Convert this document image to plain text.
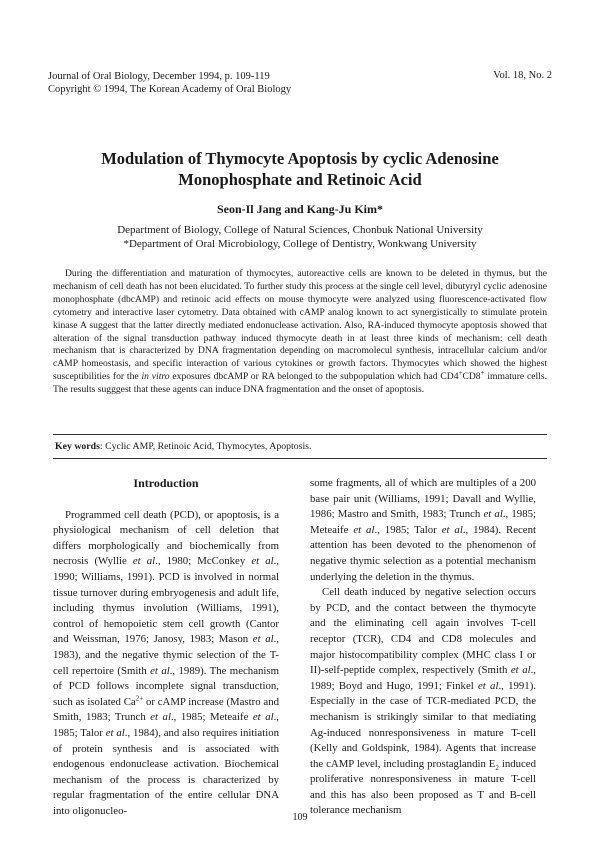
Journal of Oral Biology, December 1994, p. 109-119
Copyright © 1994, The Korean Academy of Oral Biology
Vol. 18, No. 2
Modulation of Thymocyte Apoptosis by cyclic Adenosine
Monophosphate and Retinoic Acid
Seon-Il Jang and Kang-Ju Kim*
Department of Biology, College of Natural Sciences, Chonbuk National University
*Department of Oral Microbiology, College of Dentistry, Wonkwang University

During the differentiation and maturation of thymocytes, autoreactive cells are known to be deleted in thymus, but the mechanism of cell death has not been elucidated. To further study this process at the single cell level, dibutyryl cyclic adenosine monophosphate (dbcAMP) and retinoic acid effects on mouse thymocyte were analyzed using fluorescence-activated flow cytometry and interactive laser cytometry. Data obtained with cAMP analog known to act synergistically to stimulate protein kinase A suggest that the latter directly mediated endonuclease activation. Also, RA-induced thymocyte apoptosis showed that alteration of the signal transduction pathway induced thymocyte death in at least three kinds of mechanism: cell death mechanism that is characterized by DNA fragmentation depending on macromolecul synthesis, intracellular calcium and/or cAMP homeostasis, and specific interaction of various cytokines or growth factors. Thymocytes which showed the highest susceptibilities for the in vitro exposures dbcAMP or RA belonged to the subpopulation which had CD4+CD8+ immature cells. The results sugggest that these agents can induce DNA fragmentation and the onset of apoptosis.

Key words: Cyclic AMP, Retinoic Acid, Thymocytes, Apoptosis.
Introduction

Programmed cell death (PCD), or apoptosis, is a physiological mechanism of cell deletion that differs morphologically and biochemically from necrosis (Wyllie et al., 1980; McConkey et al., 1990; Williams, 1991). PCD is involved in normal tissue turnover during embryogenesis and adult life, including thymus involution (Williams, 1991), control of hemopoietic stem cell growth (Cantor and Weissman, 1976; Janosy, 1983; Mason et al., 1983), and the negative thymic selection of the T-cell repertoire (Smith et al., 1989). The mechanism of PCD follows incomplete signal transduction, such as isolated $Ca^{2+}$ or cAMP increase (Mastro and Smith, 1983; Trunch et al., 1985; Meteaife et al., 1985; Talor et al., 1984), and also requires initiation of protein synthesis and is associated with endogenous endonuclease activation. Biochemical mechanism of the process is characterized by regular fragmentation of the entire cellular DNA into oligonucleo-

some fragments, all of which are multiples of a 200 base pair unit (Williams, 1991; Davall and Wyllie, 1986; Mastro and Smith, 1983; Trunch et al., 1985; Meteaife et al., 1985; Talor et al., 1984). Recent attention has been devoted to the phenomenon of negative thymic selection as a potential mechanism underlying the deletion in the thymus.

Cell death induced by negative selection occurs by PCD, and the contact between the thymocyte and the eliminating cell again involves T-cell receptor (TCR), CD4 and CD8 molecules and major histocompatibility complex (MHC class I or II)-self-peptide complex, respectively (Smith et al., 1989; Boyd and Hugo, 1991; Finkel et al., 1991). Especially in the case of TCR-mediated PCD, the mechanism is strikingly similar to that mediating Ag-induced nonresponsiveness in mature T-cell (Kelly and Goldspink, 1984). Agents that increase the cAMP level, including prostaglandin $E_2$ induced proliferative nonresponsiveness in mature T-cell and this has also been proposed as T and B-cell tolerance mechanism

109
